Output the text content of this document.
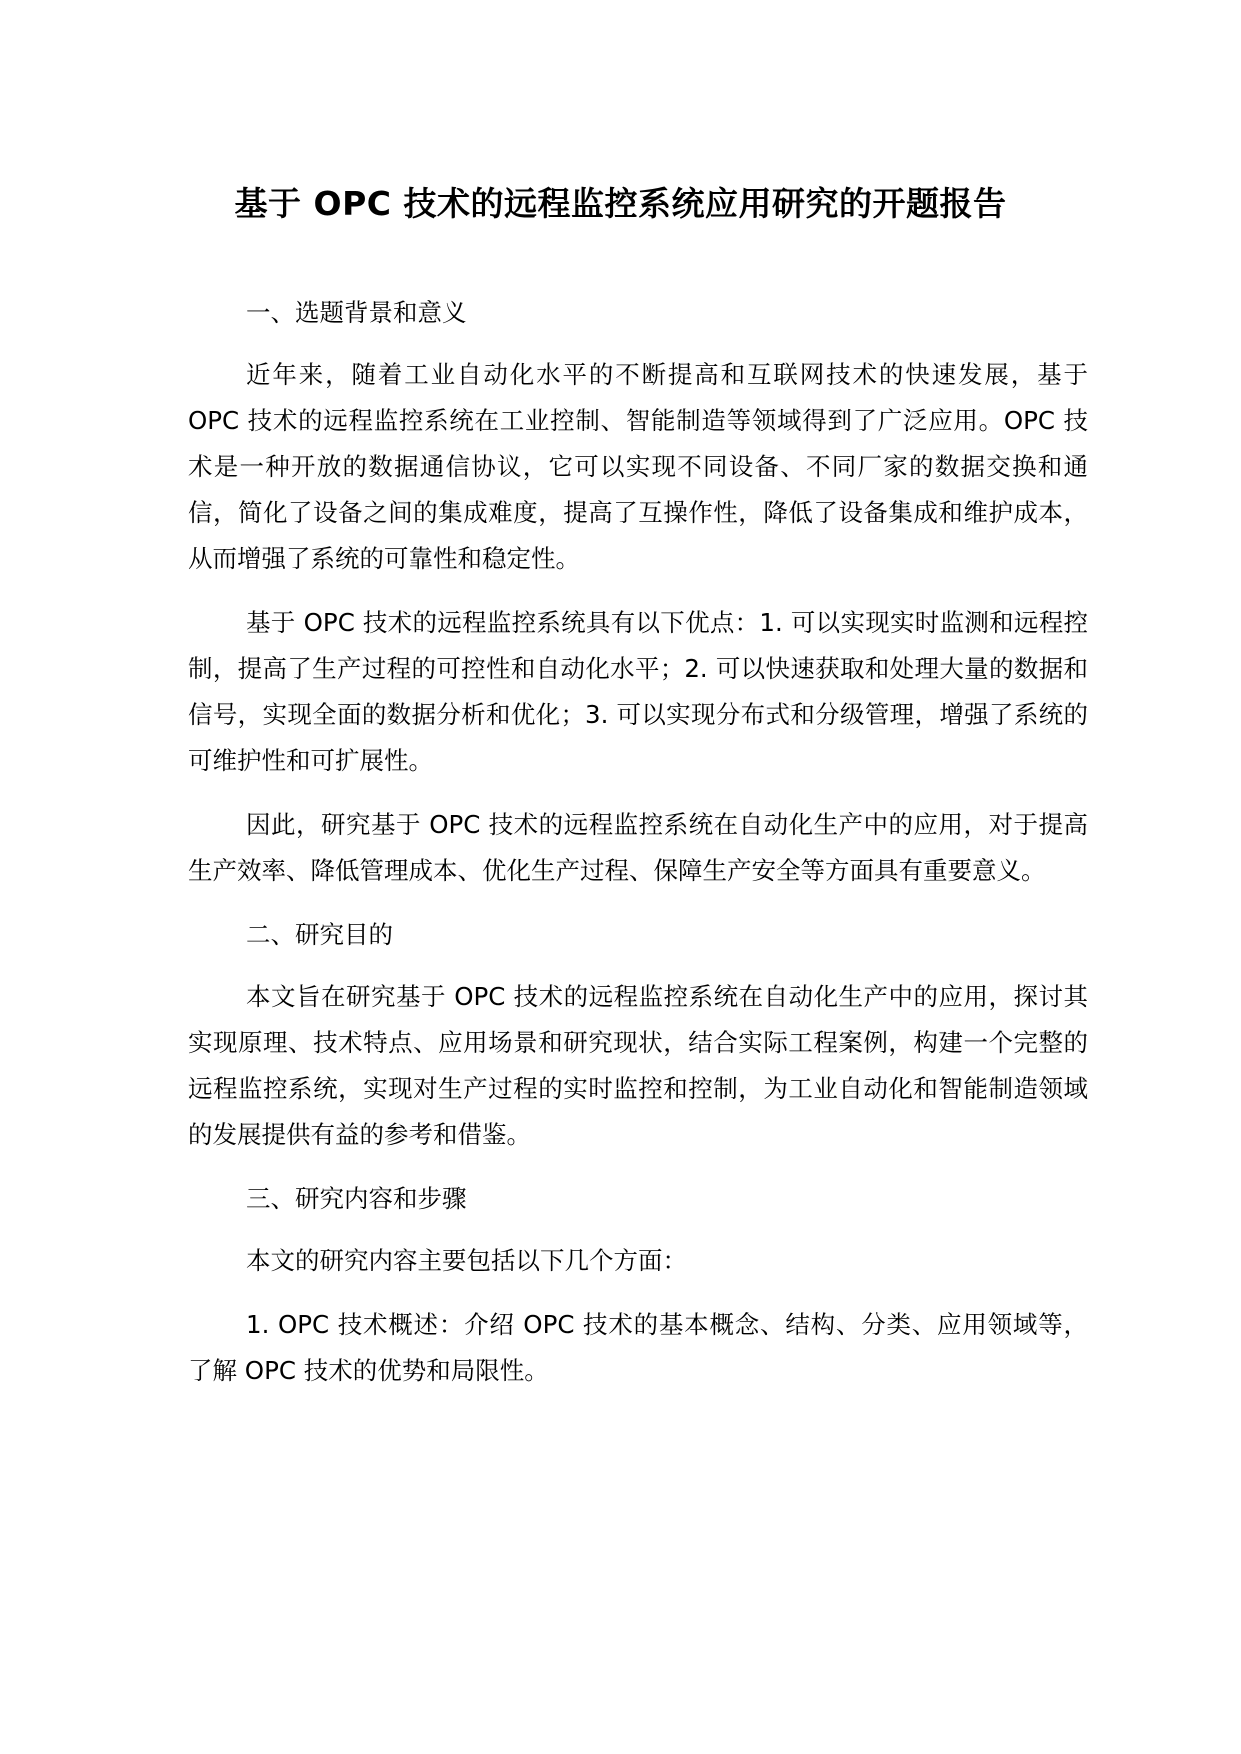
基于 OPC 技术的远程监控系统应用研究的开题报告

一、选题背景和意义

近年来，随着工业自动化水平的不断提高和互联网技术的快速发展，基于 OPC 技术的远程监控系统在工业控制、智能制造等领域得到了广泛应用。OPC 技术是一种开放的数据通信协议，它可以实现不同设备、不同厂家的数据交换和通信，简化了设备之间的集成难度，提高了互操作性，降低了设备集成和维护成本，从而增强了系统的可靠性和稳定性。

基于 OPC 技术的远程监控系统具有以下优点：1. 可以实现实时监测和远程控制，提高了生产过程的可控性和自动化水平；2. 可以快速获取和处理大量的数据和信号，实现全面的数据分析和优化；3. 可以实现分布式和分级管理，增强了系统的可维护性和可扩展性。

因此，研究基于 OPC 技术的远程监控系统在自动化生产中的应用，对于提高生产效率、降低管理成本、优化生产过程、保障生产安全等方面具有重要意义。

二、研究目的

本文旨在研究基于 OPC 技术的远程监控系统在自动化生产中的应用，探讨其实现原理、技术特点、应用场景和研究现状，结合实际工程案例，构建一个完整的远程监控系统，实现对生产过程的实时监控和控制，为工业自动化和智能制造领域的发展提供有益的参考和借鉴。

三、研究内容和步骤

本文的研究内容主要包括以下几个方面：

1. OPC 技术概述：介绍 OPC 技术的基本概念、结构、分类、应用领域等，了解 OPC 技术的优势和局限性。
